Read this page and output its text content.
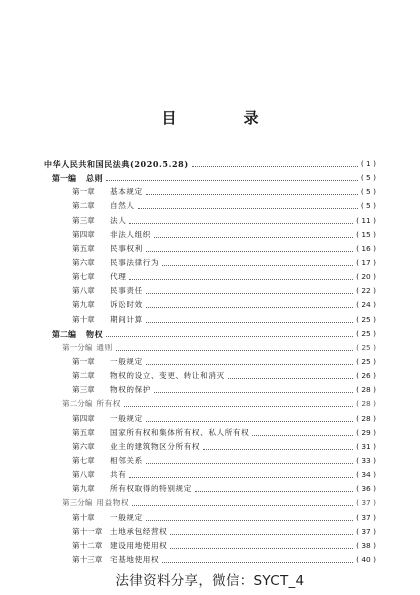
目　录
中华人民共和国民法典(2020.5.28)	( 1 )
第一编	总则	( 5 )
第一章	基本规定	( 5 )
第二章	自然人	( 5 )
第三章	法人	( 11 )
第四章	非法人组织	( 15 )
第五章	民事权利	( 16 )
第六章	民事法律行为	( 17 )
第七章	代理	( 20 )
第八章	民事责任	( 22 )
第九章	诉讼时效	( 24 )
第十章	期间计算	( 25 )
第二编	物权	( 25 )
第一分编 通则	( 25 )
第一章	一般规定	( 25 )
第二章	物权的设立、变更、转让和消灭	( 26 )
第三章	物权的保护	( 28 )
第二分编 所有权	( 28 )
第四章	一般规定	( 28 )
第五章	国家所有权和集体所有权、私人所有权	( 29 )
第六章	业主的建筑物区分所有权	( 31 )
第七章	相邻关系	( 33 )
第八章	共有	( 34 )
第九章	所有权取得的特别规定	( 36 )
第三分编 用益物权	( 37 )
第十章	一般规定	( 37 )
第十一章	土地承包经营权	( 37 )
第十二章	建设用地使用权	( 38 )
第十三章	宅基地使用权	( 40 )
法律资料分享，微信：SYCT_4
